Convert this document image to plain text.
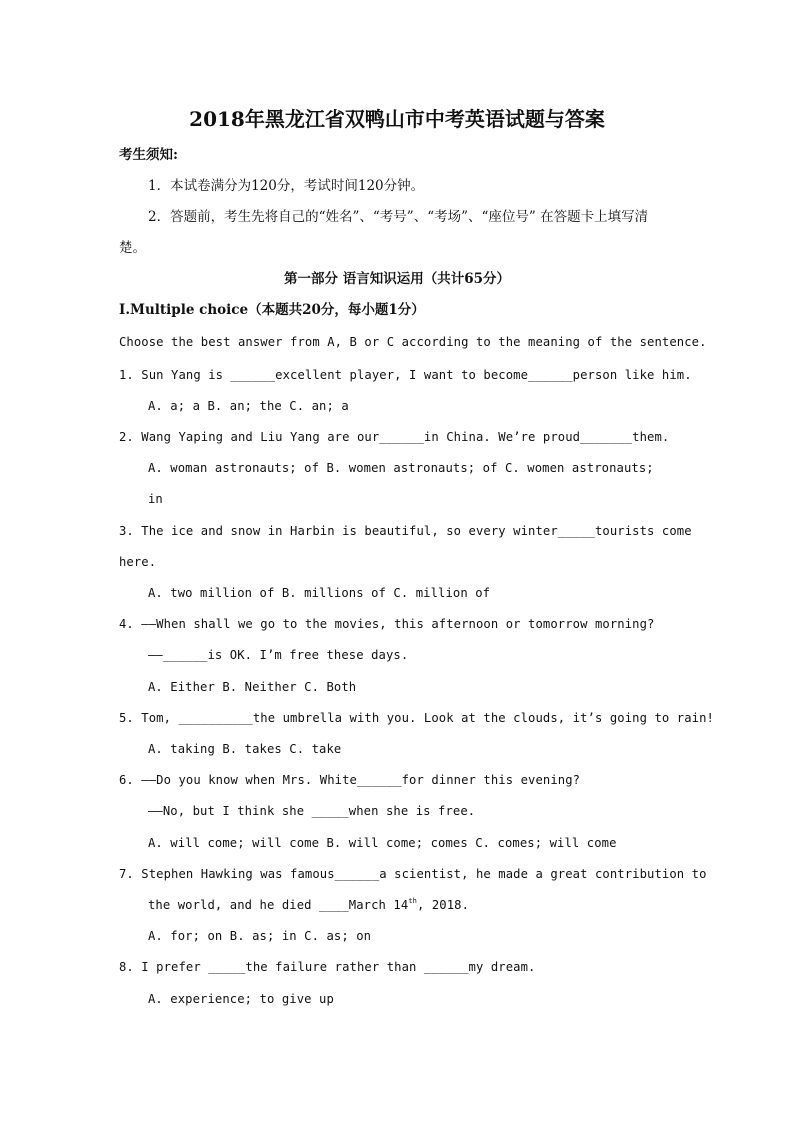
2018年黑龙江省双鸭山市中考英语试题与答案
考生须知:
1．本试卷满分为120分，考试时间120分钟。
2．答题前，考生先将自己的“姓名”、“考号”、“考场”、“座位号” 在答题卡上填写清
楚。
第一部分 语言知识运用（共计65分）
Ⅰ.Multiple choice（本题共20分，每小题1分）
Choose the best answer from A, B or C according to the meaning of the sentence.
1. Sun Yang is ______excellent player, I want to become______person like him.
A. a; a B. an; the C. an; a
2. Wang Yaping and Liu Yang are our______in China. We’re proud_______them.
A. woman astronauts; of B. women astronauts; of C. women astronauts;
in
3. The ice and snow in Harbin is beautiful, so every winter_____tourists come
here.
A. two million of B. millions of C. million of
4. ——When shall we go to the movies, this afternoon or tomorrow morning?
——______is OK. I’m free these days.
A. Either B. Neither C. Both
5. Tom, __________the umbrella with you. Look at the clouds, it’s going to rain!
A. taking B. takes C. take
6. ——Do you know when Mrs. White______for dinner this evening?
——No, but I think she _____when she is free.
A. will come; will come B. will come; comes C. comes; will come
7. Stephen Hawking was famous______a scientist, he made a great contribution to
the world, and he died ____March 14th, 2018.
A. for; on B. as; in C. as; on
8. I prefer _____the failure rather than ______my dream.
A. experience; to give up
